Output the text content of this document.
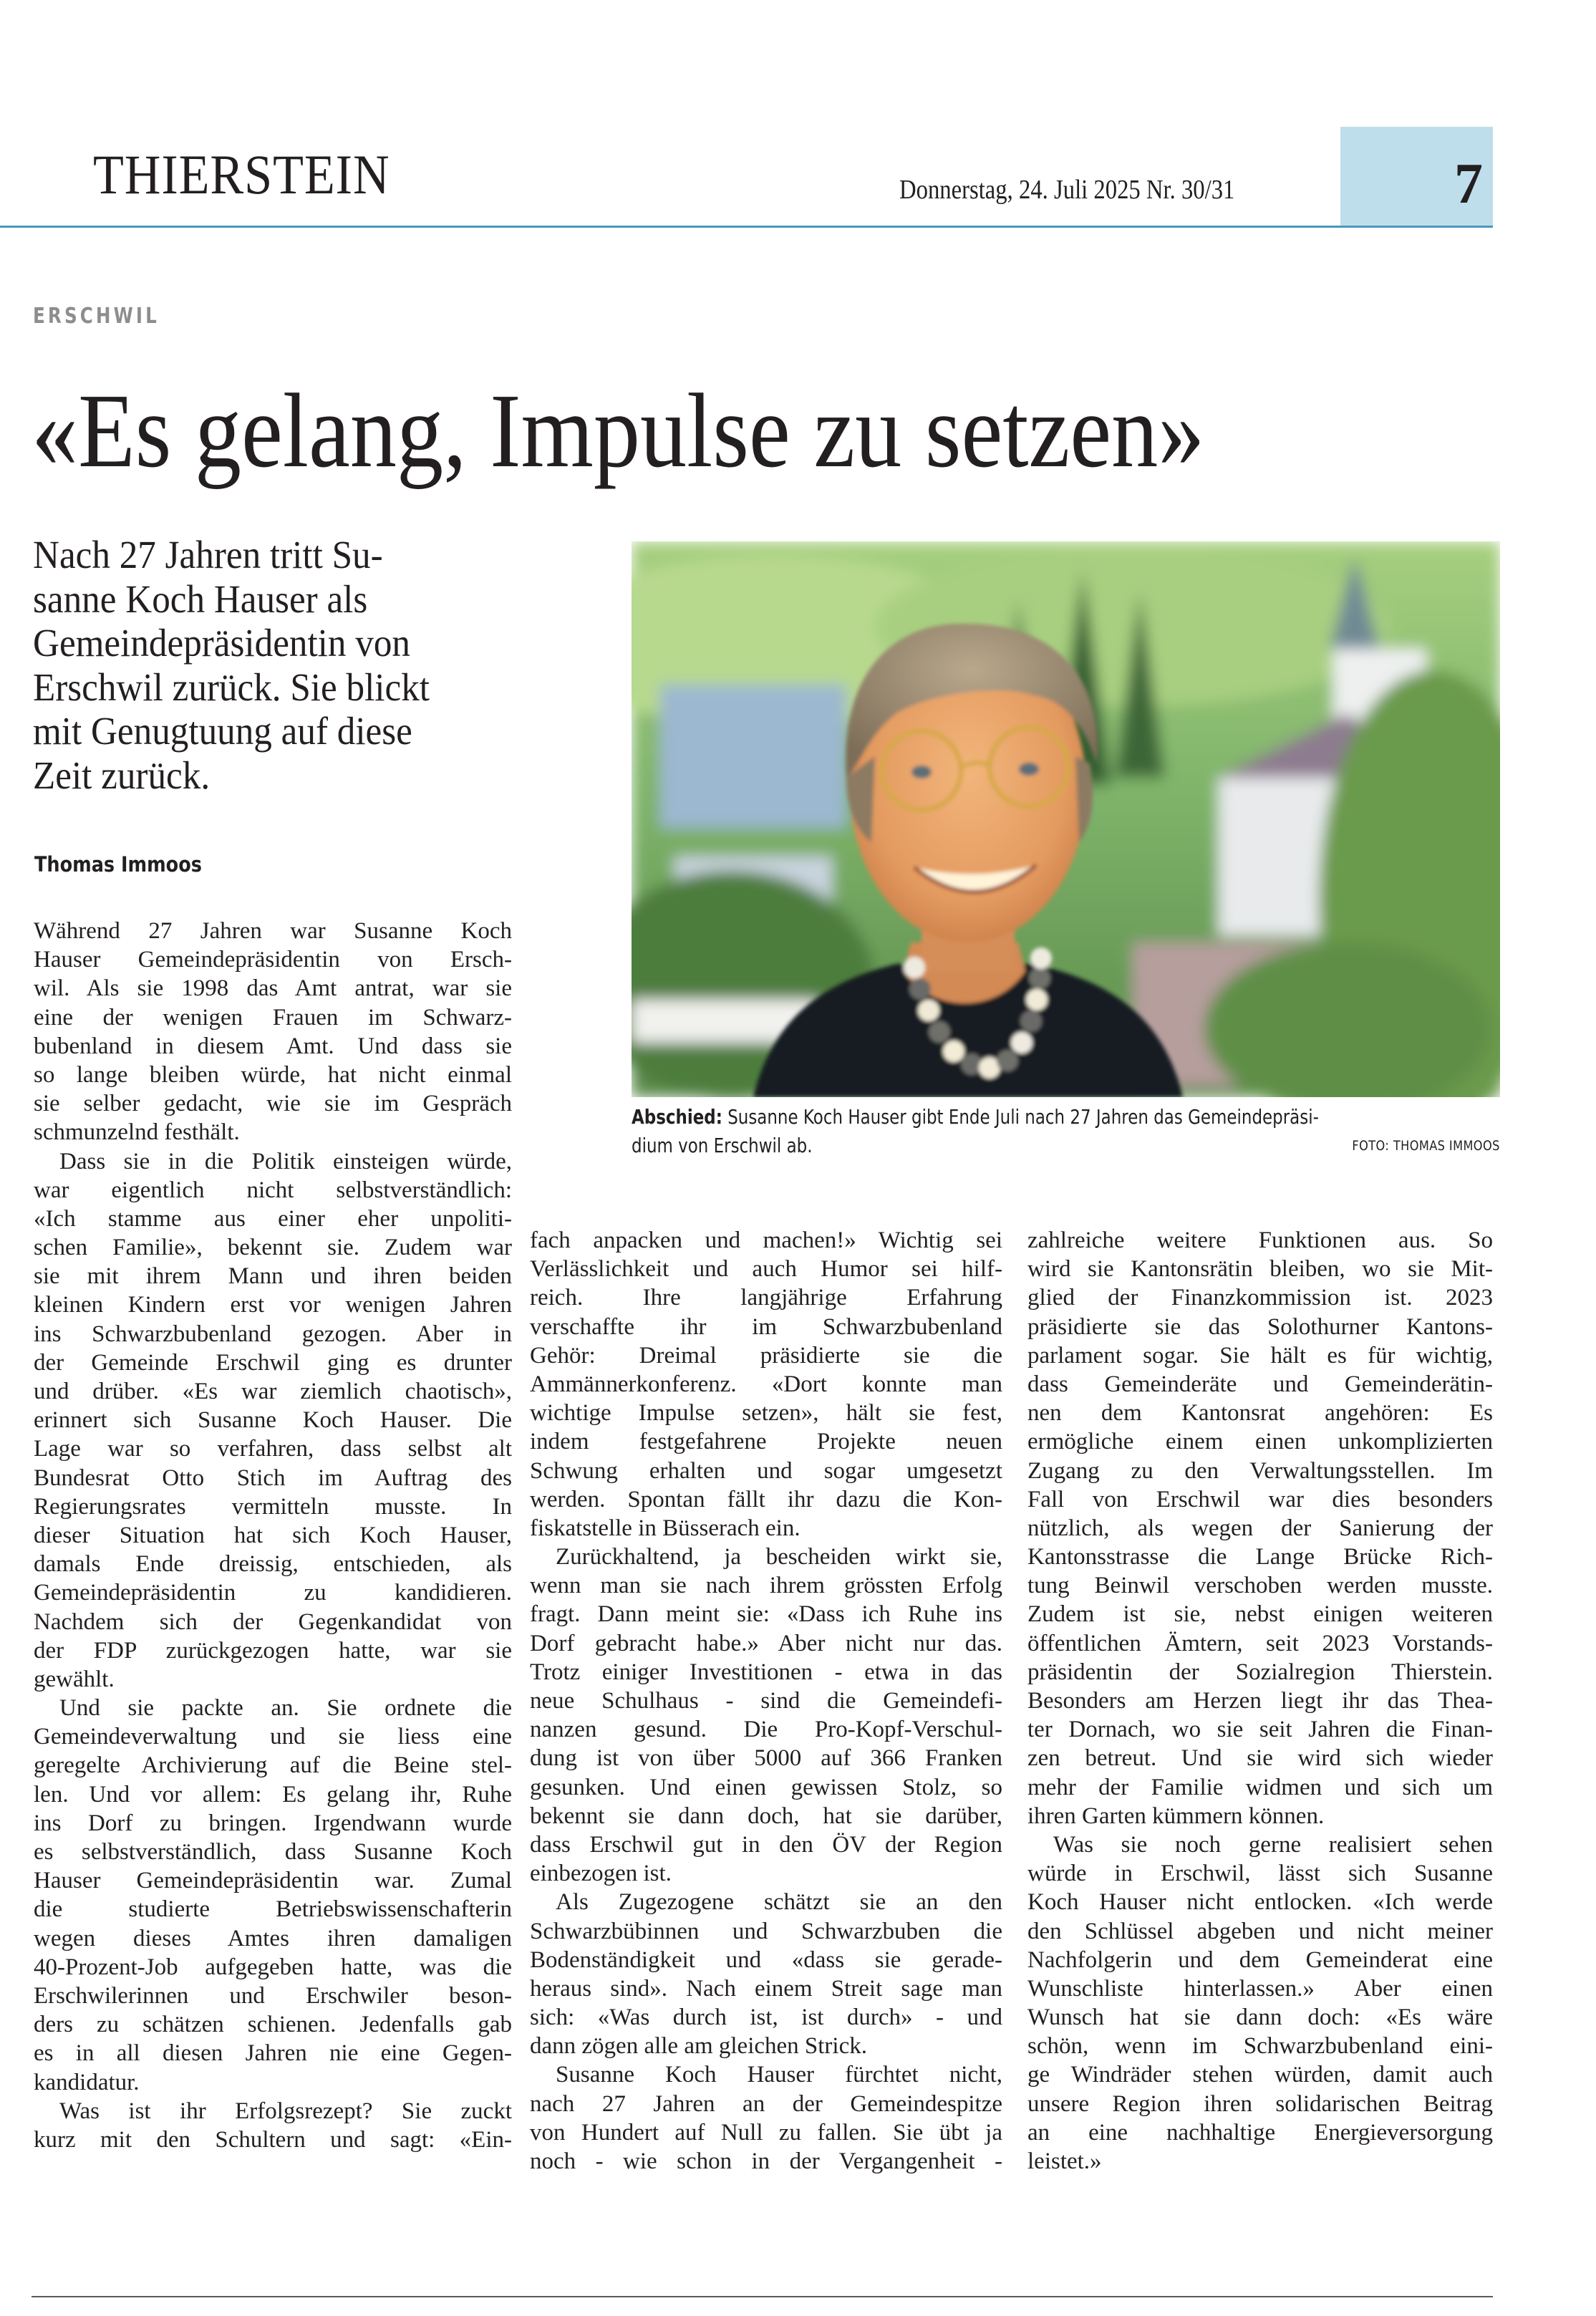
THIERSTEIN	Donnerstag, 24. Juli 2025 Nr. 30/31	7
ERSCHWIL
«Es gelang, Impulse zu setzen»
Nach 27 Jahren tritt Su-
sanne Koch Hauser als
Gemeindepräsidentin von
Erschwil zurück. Sie blickt
mit Genugtuung auf diese
Zeit zurück.
Thomas Immoos
Abschied: Susanne Koch Hauser gibt Ende Juli nach 27 Jahren das Gemeindepräsi-
dium von Erschwil ab.	FOTO: THOMAS IMMOOS
Während 27 Jahren war Susanne Koch
Hauser Gemeindepräsidentin von Ersch-
wil. Als sie 1998 das Amt antrat, war sie
eine der wenigen Frauen im Schwarz-
bubenland in diesem Amt. Und dass sie
so lange bleiben würde, hat nicht einmal
sie selber gedacht, wie sie im Gespräch
schmunzelnd festhält.
Dass sie in die Politik einsteigen würde,
war eigentlich nicht selbstverständlich:
«Ich stamme aus einer eher unpoliti-
schen Familie», bekennt sie. Zudem war
sie mit ihrem Mann und ihren beiden
kleinen Kindern erst vor wenigen Jahren
ins Schwarzbubenland gezogen. Aber in
der Gemeinde Erschwil ging es drunter
und drüber. «Es war ziemlich chaotisch»,
erinnert sich Susanne Koch Hauser. Die
Lage war so verfahren, dass selbst alt
Bundesrat Otto Stich im Auftrag des
Regierungsrates vermitteln musste. In
dieser Situation hat sich Koch Hauser,
damals Ende dreissig, entschieden, als
Gemeindepräsidentin zu kandidieren.
Nachdem sich der Gegenkandidat von
der FDP zurückgezogen hatte, war sie
gewählt.
Und sie packte an. Sie ordnete die
Gemeindeverwaltung und sie liess eine
geregelte Archivierung auf die Beine stel-
len. Und vor allem: Es gelang ihr, Ruhe
ins Dorf zu bringen. Irgendwann wurde
es selbstverständlich, dass Susanne Koch
Hauser Gemeindepräsidentin war. Zumal
die studierte Betriebswissenschafterin
wegen dieses Amtes ihren damaligen
40-Prozent-Job aufgegeben hatte, was die
Erschwilerinnen und Erschwiler beson-
ders zu schätzen schienen. Jedenfalls gab
es in all diesen Jahren nie eine Gegen-
kandidatur.
Was ist ihr Erfolgsrezept? Sie zuckt
kurz mit den Schultern und sagt: «Ein-
fach anpacken und machen!» Wichtig sei
Verlässlichkeit und auch Humor sei hilf-
reich. Ihre langjährige Erfahrung
verschaffte ihr im Schwarzbubenland
Gehör: Dreimal präsidierte sie die
Ammännerkonferenz. «Dort konnte man
wichtige Impulse setzen», hält sie fest,
indem festgefahrene Projekte neuen
Schwung erhalten und sogar umgesetzt
werden. Spontan fällt ihr dazu die Kon-
fiskatstelle in Büsserach ein.
Zurückhaltend, ja bescheiden wirkt sie,
wenn man sie nach ihrem grössten Erfolg
fragt. Dann meint sie: «Dass ich Ruhe ins
Dorf gebracht habe.» Aber nicht nur das.
Trotz einiger Investitionen - etwa in das
neue Schulhaus - sind die Gemeindefi-
nanzen gesund. Die Pro-Kopf-Verschul-
dung ist von über 5000 auf 366 Franken
gesunken. Und einen gewissen Stolz, so
bekennt sie dann doch, hat sie darüber,
dass Erschwil gut in den ÖV der Region
einbezogen ist.
Als Zugezogene schätzt sie an den
Schwarzbübinnen und Schwarzbuben die
Bodenständigkeit und «dass sie gerade-
heraus sind». Nach einem Streit sage man
sich: «Was durch ist, ist durch» - und
dann zögen alle am gleichen Strick.
Susanne Koch Hauser fürchtet nicht,
nach 27 Jahren an der Gemeindespitze
von Hundert auf Null zu fallen. Sie übt ja
noch - wie schon in der Vergangenheit -
zahlreiche weitere Funktionen aus. So
wird sie Kantonsrätin bleiben, wo sie Mit-
glied der Finanzkommission ist. 2023
präsidierte sie das Solothurner Kantons-
parlament sogar. Sie hält es für wichtig,
dass Gemeinderäte und Gemeinderätin-
nen dem Kantonsrat angehören: Es
ermögliche einem einen unkomplizierten
Zugang zu den Verwaltungsstellen. Im
Fall von Erschwil war dies besonders
nützlich, als wegen der Sanierung der
Kantonsstrasse die Lange Brücke Rich-
tung Beinwil verschoben werden musste.
Zudem ist sie, nebst einigen weiteren
öffentlichen Ämtern, seit 2023 Vorstands-
präsidentin der Sozialregion Thierstein.
Besonders am Herzen liegt ihr das Thea-
ter Dornach, wo sie seit Jahren die Finan-
zen betreut. Und sie wird sich wieder
mehr der Familie widmen und sich um
ihren Garten kümmern können.
Was sie noch gerne realisiert sehen
würde in Erschwil, lässt sich Susanne
Koch Hauser nicht entlocken. «Ich werde
den Schlüssel abgeben und nicht meiner
Nachfolgerin und dem Gemeinderat eine
Wunschliste hinterlassen.» Aber einen
Wunsch hat sie dann doch: «Es wäre
schön, wenn im Schwarzbubenland eini-
ge Windräder stehen würden, damit auch
unsere Region ihren solidarischen Beitrag
an eine nachhaltige Energieversorgung
leistet.»
